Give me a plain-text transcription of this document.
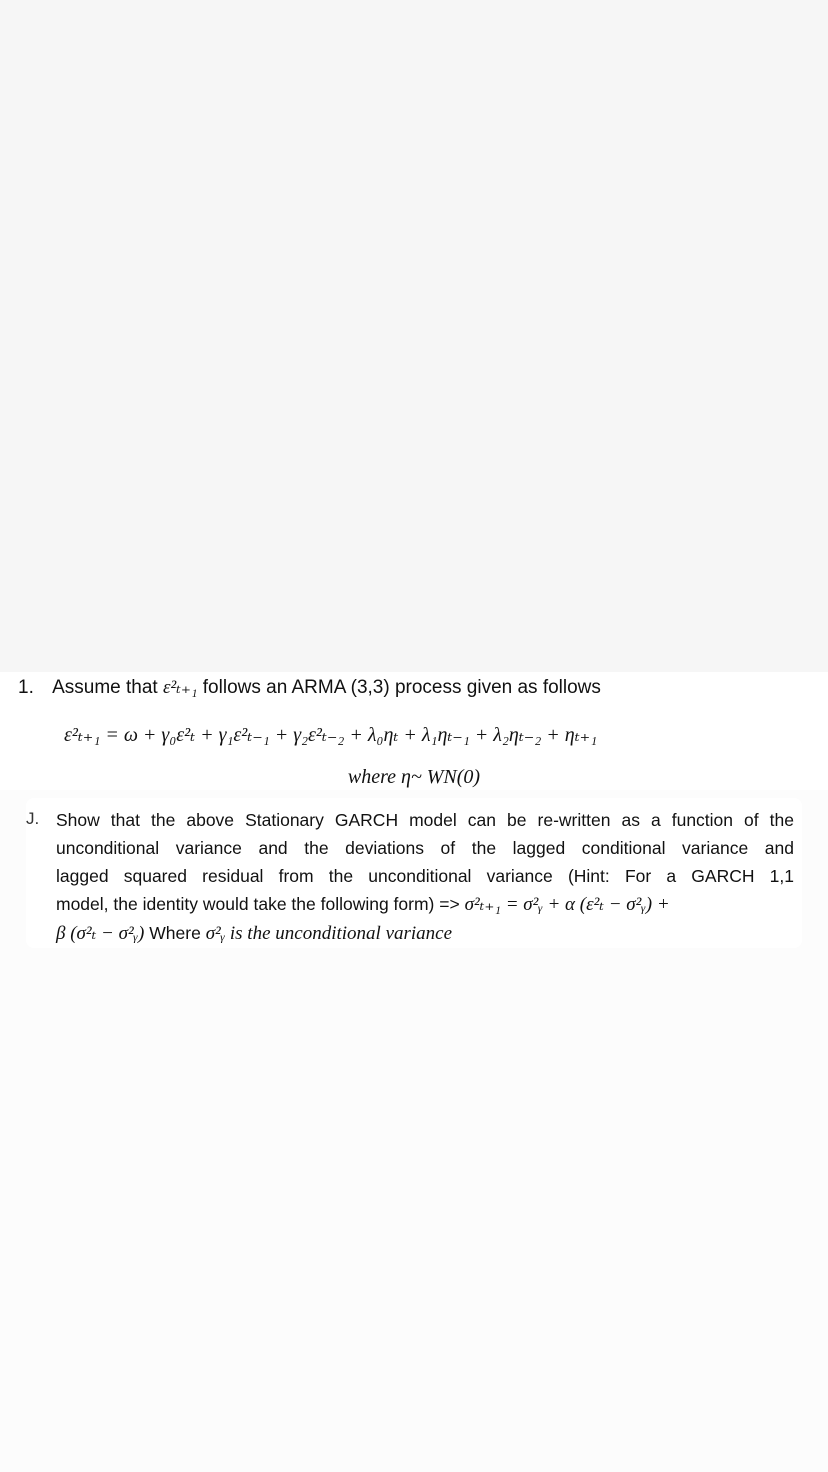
1. Assume that ε²ₜ₊₁ follows an ARMA (3,3) process given as follows
ε²ₜ₊₁ = ω + γ₀ε²ₜ + γ₁ε²ₜ₋₁ + γ₂ε²ₜ₋₂ + λ₀ηₜ + λ₁ηₜ₋₁ + λ₂ηₜ₋₂ + ηₜ₊₁
where η~ WN(0)
J. Show that the above Stationary GARCH model can be re-written as a function of the
unconditional variance and the deviations of the lagged conditional variance and
lagged squared residual from the unconditional variance (Hint: For a GARCH 1,1
model, the identity would take the following form) => σ²ₜ₊₁ = σ²ᵧ + α (ε²ₜ − σ²ᵧ) +
β (σ²ₜ − σ²ᵧ) Where σ²ᵧ is the unconditional variance
